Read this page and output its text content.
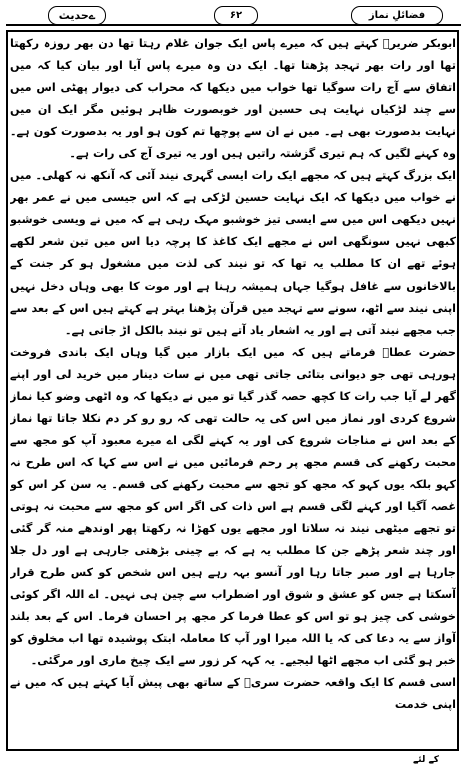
فضائلِ نماز
۶۲
ےحدیث

ابوبکر ضریرؒ کہتے ہیں کہ میرے پاس ایک جوان غلام رہتا تھا دن بھر روزہ رکھتا تھا اور رات بھر تہجد پڑھتا تھا۔ ایک دن وہ میرے پاس آیا اور بیان کیا کہ میں اتفاق سے آج رات سوگیا تھا خواب میں دیکھا کہ محراب کی دیوار پھٹی اس میں سے چند لڑکیاں نہایت ہی حسین اور خوبصورت ظاہر ہوئیں مگر ایک ان میں نہایت بدصورت بھی ہے۔ میں نے ان سے پوچھا تم کون ہو اور یہ بدصورت کون ہے۔ وہ کہنے لگیں کہ ہم تیری گزشتہ راتیں ہیں اور یہ تیری آج کی رات ہے۔

ایک بزرگ کہتے ہیں کہ مجھے ایک رات ایسی گہری نیند آئی کہ آنکھ نہ کھلی۔ میں نے خواب میں دیکھا کہ ایک نہایت حسین لڑکی ہے کہ اس جیسی میں نے عمر بھر نہیں دیکھی اس میں سے ایسی تیز خوشبو مہک رہی ہے کہ میں نے ویسی خوشبو کبھی نہیں سونگھی اس نے مجھے ایک کاغذ کا پرچہ دیا اس میں تین شعر لکھے ہوئے تھے ان کا مطلب یہ تھا کہ تو نیند کی لذت میں مشغول ہو کر جنت کے بالاخانوں سے غافل ہوگیا جہاں ہمیشہ رہنا ہے اور موت کا بھی وہاں دخل نہیں اپنی نیند سے اٹھ، سونے سے تہجد میں قرآن پڑھنا بہتر ہے کہتے ہیں اس کے بعد سے جب مجھے نیند آتی ہے اور یہ اشعار یاد آتے ہیں تو نیند بالکل اڑ جاتی ہے۔

حضرت عطاؒ فرماتے ہیں کہ میں ایک بازار میں گیا وہاں ایک باندی فروخت ہورہی تھی جو دیوانی بتائی جاتی تھی میں نے سات دینار میں خرید لی اور اپنے گھر لے آیا جب رات کا کچھ حصہ گذر گیا تو میں نے دیکھا کہ وہ اٹھی وضو کیا نماز شروع کردی اور نماز میں اس کی یہ حالت تھی کہ رو رو کر دم نکلا جاتا تھا نماز کے بعد اس نے مناجات شروع کی اور یہ کہنے لگی اے میرے معبود آپ کو مجھ سے محبت رکھنے کی قسم مجھ پر رحم فرمائیں میں نے اس سے کہا کہ اس طرح نہ کہو بلکہ یوں کہو کہ مجھ کو تجھ سے محبت رکھنے کی قسم۔ یہ سن کر اس کو غصہ آگیا اور کہنے لگی قسم ہے اس ذات کی اگر اس کو مجھ سے محبت نہ ہوتی تو تجھے میٹھی نیند نہ سلاتا اور مجھے یوں کھڑا نہ رکھتا پھر اوندھے منہ گر گئی اور چند شعر پڑھے جن کا مطلب یہ ہے کہ بے چینی بڑھتی جارہی ہے اور دل جلا جارہا ہے اور صبر جاتا رہا اور آنسو بہہ رہے ہیں اس شخص کو کس طرح قرار آسکتا ہے جس کو عشق و شوق اور اضطراب سے چین ہی نہیں۔ اے اللہ اگر کوئی خوشی کی چیز ہو تو اس کو عطا فرما کر مجھ پر احسان فرما۔ اس کے بعد بلند آواز سے یہ دعا کی کہ یا اللہ میرا اور آپ کا معاملہ ابتک پوشیدہ تھا اب مخلوق کو خبر ہو گئی اب مجھے اٹھا لیجیے۔ یہ کہہ کر زور سے ایک چیخ ماری اور مرگئی۔

اسی قسم کا ایک واقعہ حضرت سریؒ کے ساتھ بھی پیش آیا کہتے ہیں کہ میں نے اپنی خدمت

کے لئے
